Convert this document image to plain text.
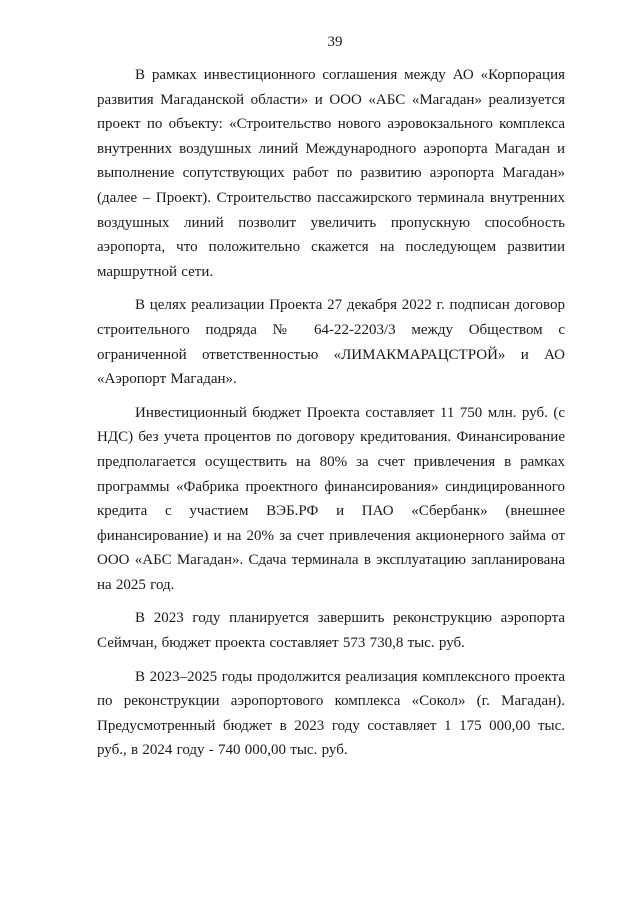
39

В рамках инвестиционного соглашения между АО «Корпорация развития Магаданской области» и ООО «АБС «Магадан» реализуется проект по объекту: «Строительство нового аэровокзального комплекса внутренних воздушных линий Международного аэропорта Магадан и выполнение сопутствующих работ по развитию аэропорта Магадан» (далее – Проект). Строительство пассажирского терминала внутренних воздушных линий позволит увеличить пропускную способность аэропорта, что положительно скажется на последующем развитии маршрутной сети.

В целях реализации Проекта 27 декабря 2022 г. подписан договор строительного подряда № 64-22-2203/3 между Обществом с ограниченной ответственностью «ЛИМАКМАРАЦСТРОЙ» и АО «Аэропорт Магадан».

Инвестиционный бюджет Проекта составляет 11 750 млн. руб. (с НДС) без учета процентов по договору кредитования. Финансирование предполагается осуществить на 80% за счет привлечения в рамках программы «Фабрика проектного финансирования» синдицированного кредита с участием ВЭБ.РФ и ПАО «Сбербанк» (внешнее финансирование) и на 20% за счет привлечения акционерного займа от ООО «АБС Магадан». Сдача терминала в эксплуатацию запланирована на 2025 год.

В 2023 году планируется завершить реконструкцию аэропорта Сеймчан, бюджет проекта составляет 573 730,8 тыс. руб.

В 2023–2025 годы продолжится реализация комплексного проекта по реконструкции аэропортового комплекса «Сокол» (г. Магадан). Предусмотренный бюджет в 2023 году составляет 1 175 000,00 тыс. руб., в 2024 году - 740 000,00 тыс. руб.
